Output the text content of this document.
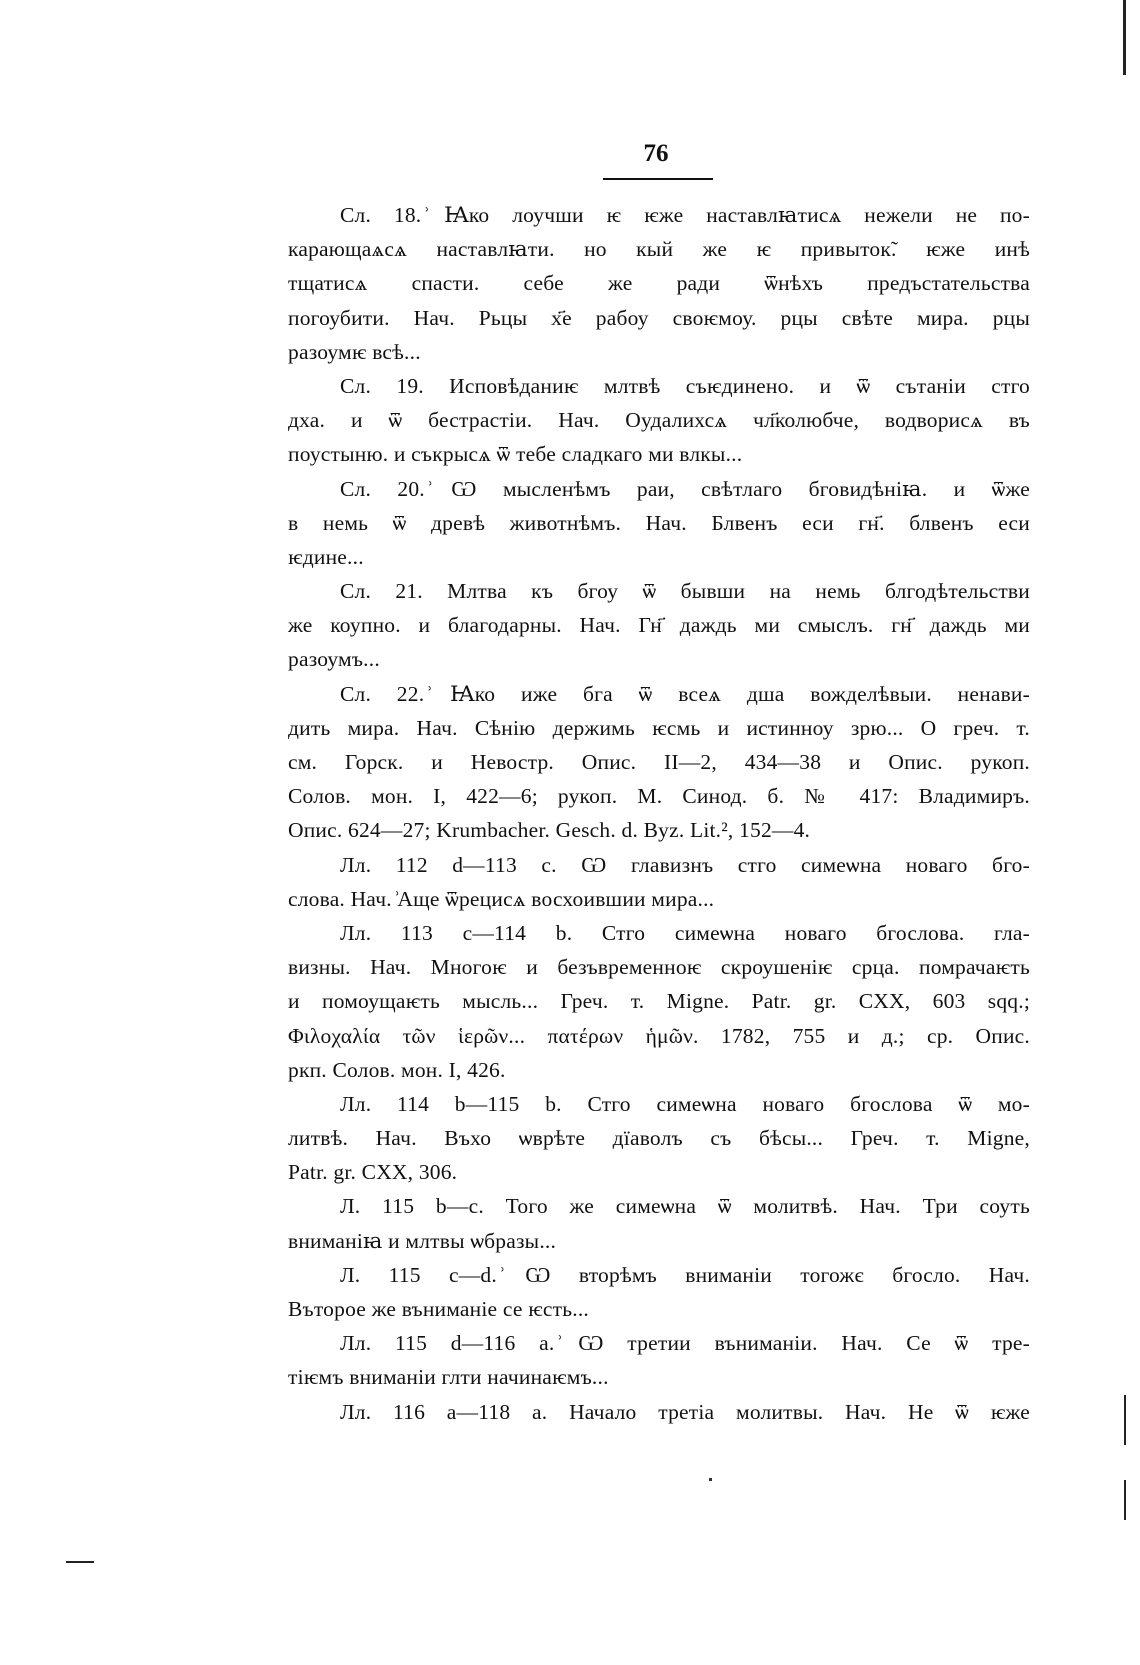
76
Сл. 18. ͗Ꙗко лоучши ѥ ѥже наставлꙗтисѧ нежели не по-
карающаѧсѧ наставлꙗти. но кый же ѥ привыток̃. ѥже инѣ
тщатисѧ спасти. себе же ради ѿнѣхъ предъстательства
погоубити. Нач. Рьцы х҃е рабоу своѥмоу. рцы свѣте мира. рцы
разоумѥ всѣ...
Сл. 19. Исповѣданиѥ млтвѣ съѥдинено. и ѿ сътаніи стго
дха. и ѿ бестрастіи. Нач. Оудалихсѧ чл҃колюбче, водворисѧ въ
поустыню. и съкрысѧ ѿ тебе сладкаго ми влкы...
Сл. 20. ͗Ѡ мысленѣмъ раи, свѣтлаго бговидѣніꙗ. и ѿже
в немь ѿ древѣ животнѣмъ. Нач. Блвенъ еси гн҃. блвенъ еси
ѥдине...
Сл. 21. Млтва къ бгоу ѿ бывши на немь блгодѣтельстви
же коупно. и благодарны. Нач. Гн҃ даждь ми смыслъ. гн҃ даждь ми
разоумъ...
Сл. 22. ͗Ꙗко иже бга ѿ всеѧ дша вожделѣвыи. ненави-
дить мира. Нач. Сѣнію держимь ѥсмь и истинноу зрю... О греч. т.
см. Горск. и Невостр. Опис. II—2, 434—38 и Опис. рукоп.
Солов. мон. I, 422—6; рукоп. М. Синод. б. № 417: Владимиръ.
Опис. 624—27; Krumbacher. Gesch. d. Byz. Lit.², 152—4.
Лл. 112 d—113 c. Ѡ главизнъ стго симеѡна новаго бго-
слова. Нач. ͗Аще ѿрецисѧ восхоившии мира...
Лл. 113 c—114 b. Стго симеѡна новаго бгослова. гла-
визны. Нач. Многоѥ и безъвременноѥ скроушеніѥ срца. помрачаѥть
и помоущаѥть мысль... Греч. т. Migne. Patr. gr. CXX, 603 sqq.;
Φιλοχαλία τῶν ἱερῶν... πατέρων ἡμῶν. 1782, 755 и д.; ср. Опис.
ркп. Солов. мон. I, 426.
Лл. 114 b—115 b. Стго симеѡна новаго бгослова ѿ мо-
литвѣ. Нач. Въхо ѡврѣте дїаволъ съ бѣсы... Греч. т. Migne,
Patr. gr. CXX, 306.
Л. 115 b—c. Того же симеѡна ѿ молитвѣ. Нач. Три соуть
вниманіꙗ и млтвы ѡбразы...
Л. 115 c—d. ͗Ѡ вторѣмъ вниманіи тогожє бгосло. Нач.
Въторое же въниманіе се ѥсть...
Лл. 115 d—116 a. ͗Ѡ третии въниманіи. Нач. Се ѿ тре-
тіѥмъ вниманіи глти начинаѥмъ...
Лл. 116 a—118 a. Начало третіа молитвы. Нач. Не ѿ ѥже
